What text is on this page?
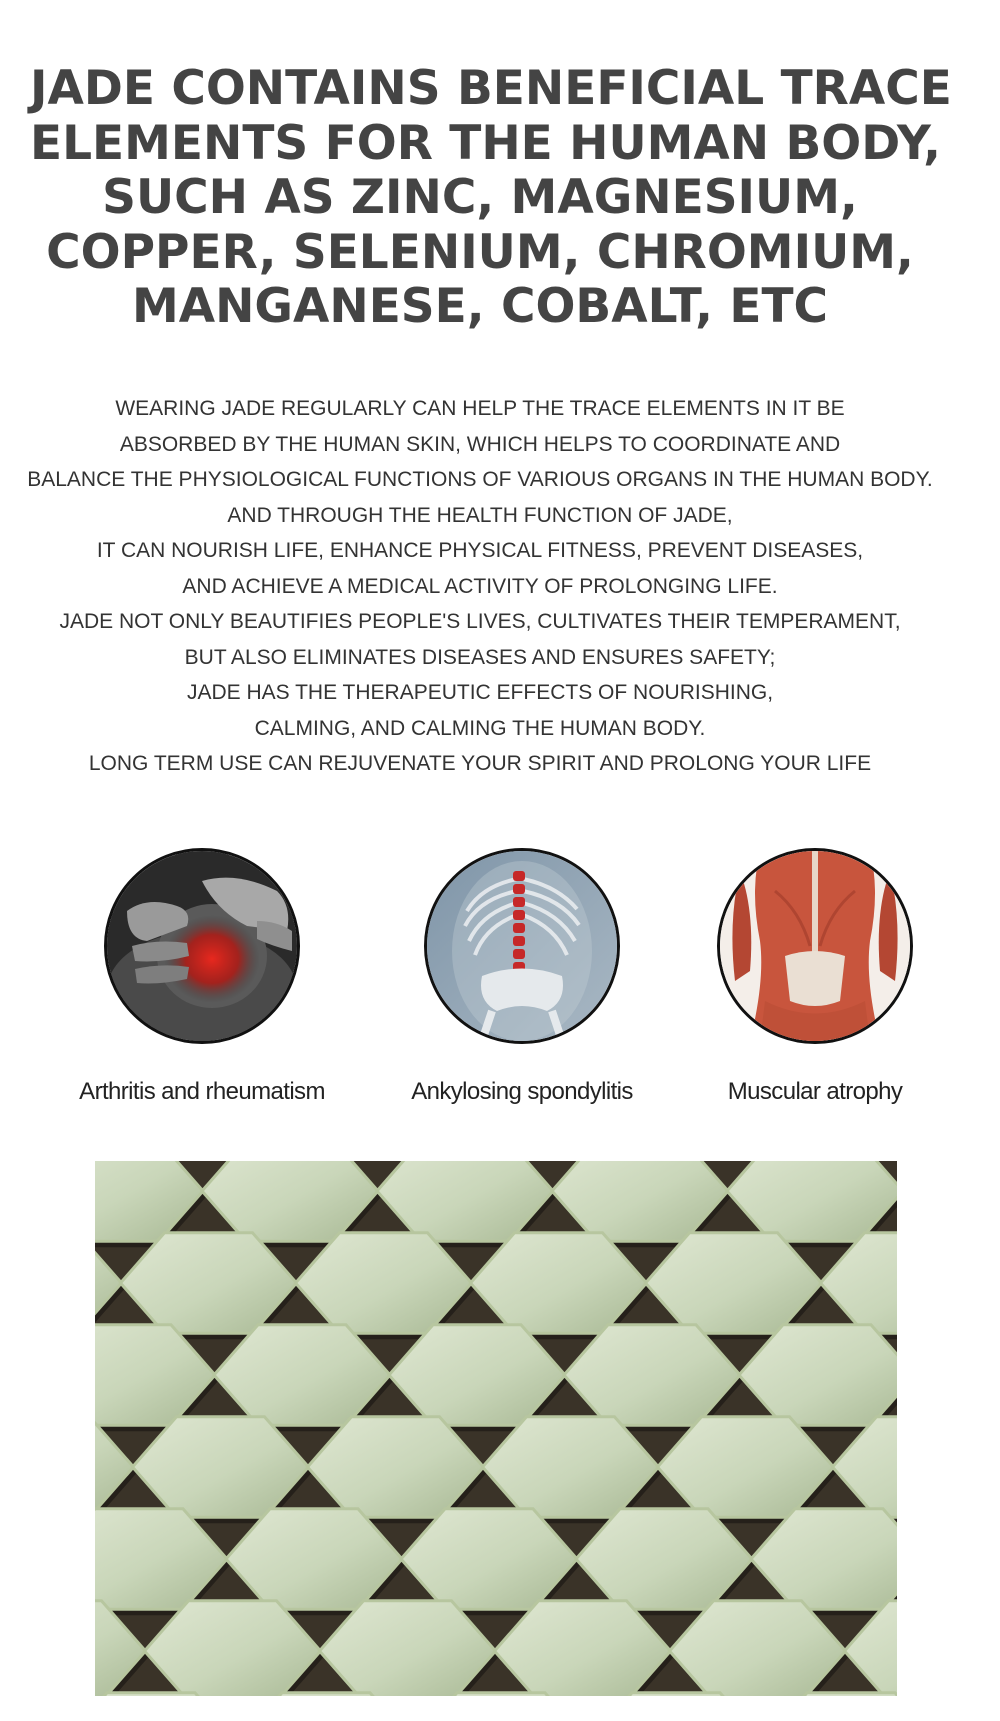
JADE CONTAINS BENEFICIAL TRACE
ELEMENTS FOR THE HUMAN BODY,
SUCH AS ZINC, MAGNESIUM,
COPPER, SELENIUM, CHROMIUM,
MANGANESE, COBALT, ETC
WEARING JADE REGULARLY CAN HELP THE TRACE ELEMENTS IN IT BE
ABSORBED BY THE HUMAN SKIN, WHICH HELPS TO COORDINATE AND
BALANCE THE PHYSIOLOGICAL FUNCTIONS OF VARIOUS ORGANS IN THE HUMAN BODY.
AND THROUGH THE HEALTH FUNCTION OF JADE,
IT CAN NOURISH LIFE, ENHANCE PHYSICAL FITNESS, PREVENT DISEASES,
AND ACHIEVE A MEDICAL ACTIVITY OF PROLONGING LIFE.
JADE NOT ONLY BEAUTIFIES PEOPLE'S LIVES, CULTIVATES THEIR TEMPERAMENT,
BUT ALSO ELIMINATES DISEASES AND ENSURES SAFETY;
JADE HAS THE THERAPEUTIC EFFECTS OF NOURISHING,
CALMING, AND CALMING THE HUMAN BODY.
LONG TERM USE CAN REJUVENATE YOUR SPIRIT AND PROLONG YOUR LIFE
Arthritis and rheumatism	Ankylosing spondylitis	Muscular atrophy
